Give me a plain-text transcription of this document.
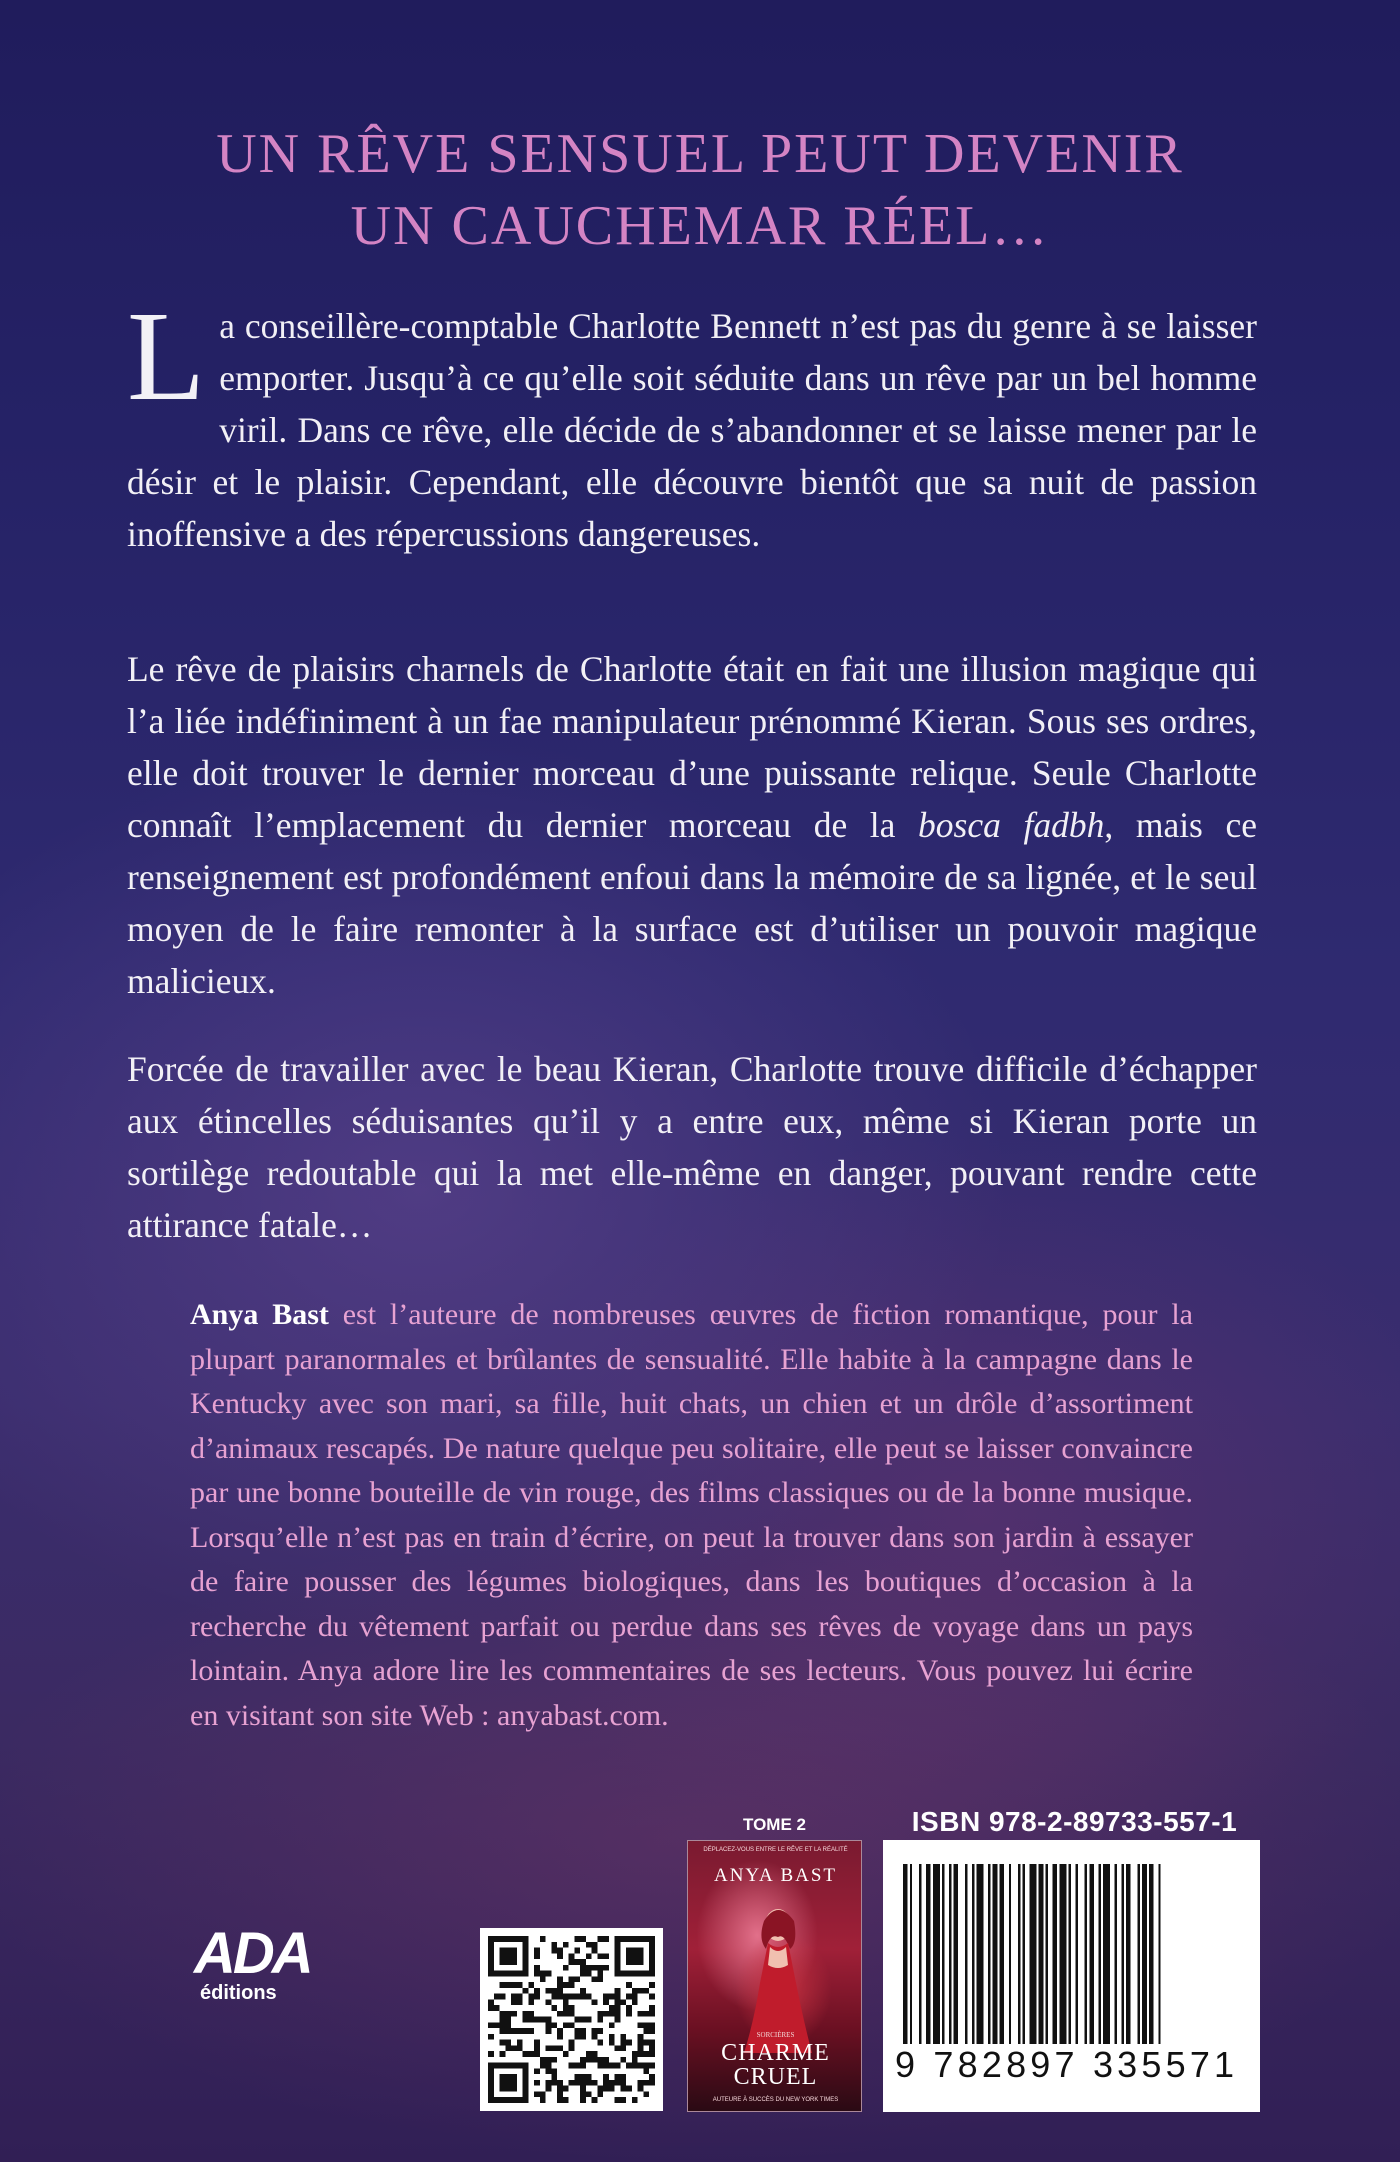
UN RÊVE SENSUEL PEUT DEVENIR
UN CAUCHEMAR RÉEL…
La conseillère-comptable Charlotte Bennett n’est pas du genre à se laisser emporter. Jusqu’à ce qu’elle soit séduite dans un rêve par un bel homme viril. Dans ce rêve, elle décide de s’abandonner et se laisse mener par le désir et le plaisir. Cependant, elle découvre bientôt que sa nuit de passion inoffensive a des répercussions dangereuses.
Le rêve de plaisirs charnels de Charlotte était en fait une illusion magique qui l’a liée indéfiniment à un fae manipulateur prénommé Kieran. Sous ses ordres, elle doit trouver le dernier morceau d’une puissante relique. Seule Charlotte connaît l’emplacement du dernier morceau de la bosca fadbh, mais ce renseignement est profondément enfoui dans la mémoire de sa lignée, et le seul moyen de le faire remonter à la surface est d’utiliser un pouvoir magique malicieux.
Forcée de travailler avec le beau Kieran, Charlotte trouve difficile d’échapper aux étincelles séduisantes qu’il y a entre eux, même si Kieran porte un sortilège redoutable qui la met elle-même en danger, pouvant rendre cette attirance fatale…
Anya Bast est l’auteure de nombreuses œuvres de fiction romantique, pour la plupart paranormales et brûlantes de sensualité. Elle habite à la campagne dans le Kentucky avec son mari, sa fille, huit chats, un chien et un drôle d’assortiment d’animaux rescapés. De nature quelque peu solitaire, elle peut se laisser convaincre par une bonne bouteille de vin rouge, des films classiques ou de la bonne musique. Lorsqu’elle n’est pas en train d’écrire, on peut la trouver dans son jardin à essayer de faire pousser des légumes biologiques, dans les boutiques d’occasion à la recherche du vêtement parfait ou perdue dans ses rêves de voyage dans un pays lointain. Anya adore lire les commentaires de ses lecteurs. Vous pouvez lui écrire en visitant son site Web : anyabast.com.
ADA
éditions
TOME 2
DÉPLACEZ-VOUS ENTRE LE RÊVE ET LA RÉALITÉ
ANYA BAST
SORCIÈRES
CHARME
CRUEL
AUTEURE À SUCCÈS DU NEW YORK TIMES
ISBN 978-2-89733-557-1
9 782897 335571
